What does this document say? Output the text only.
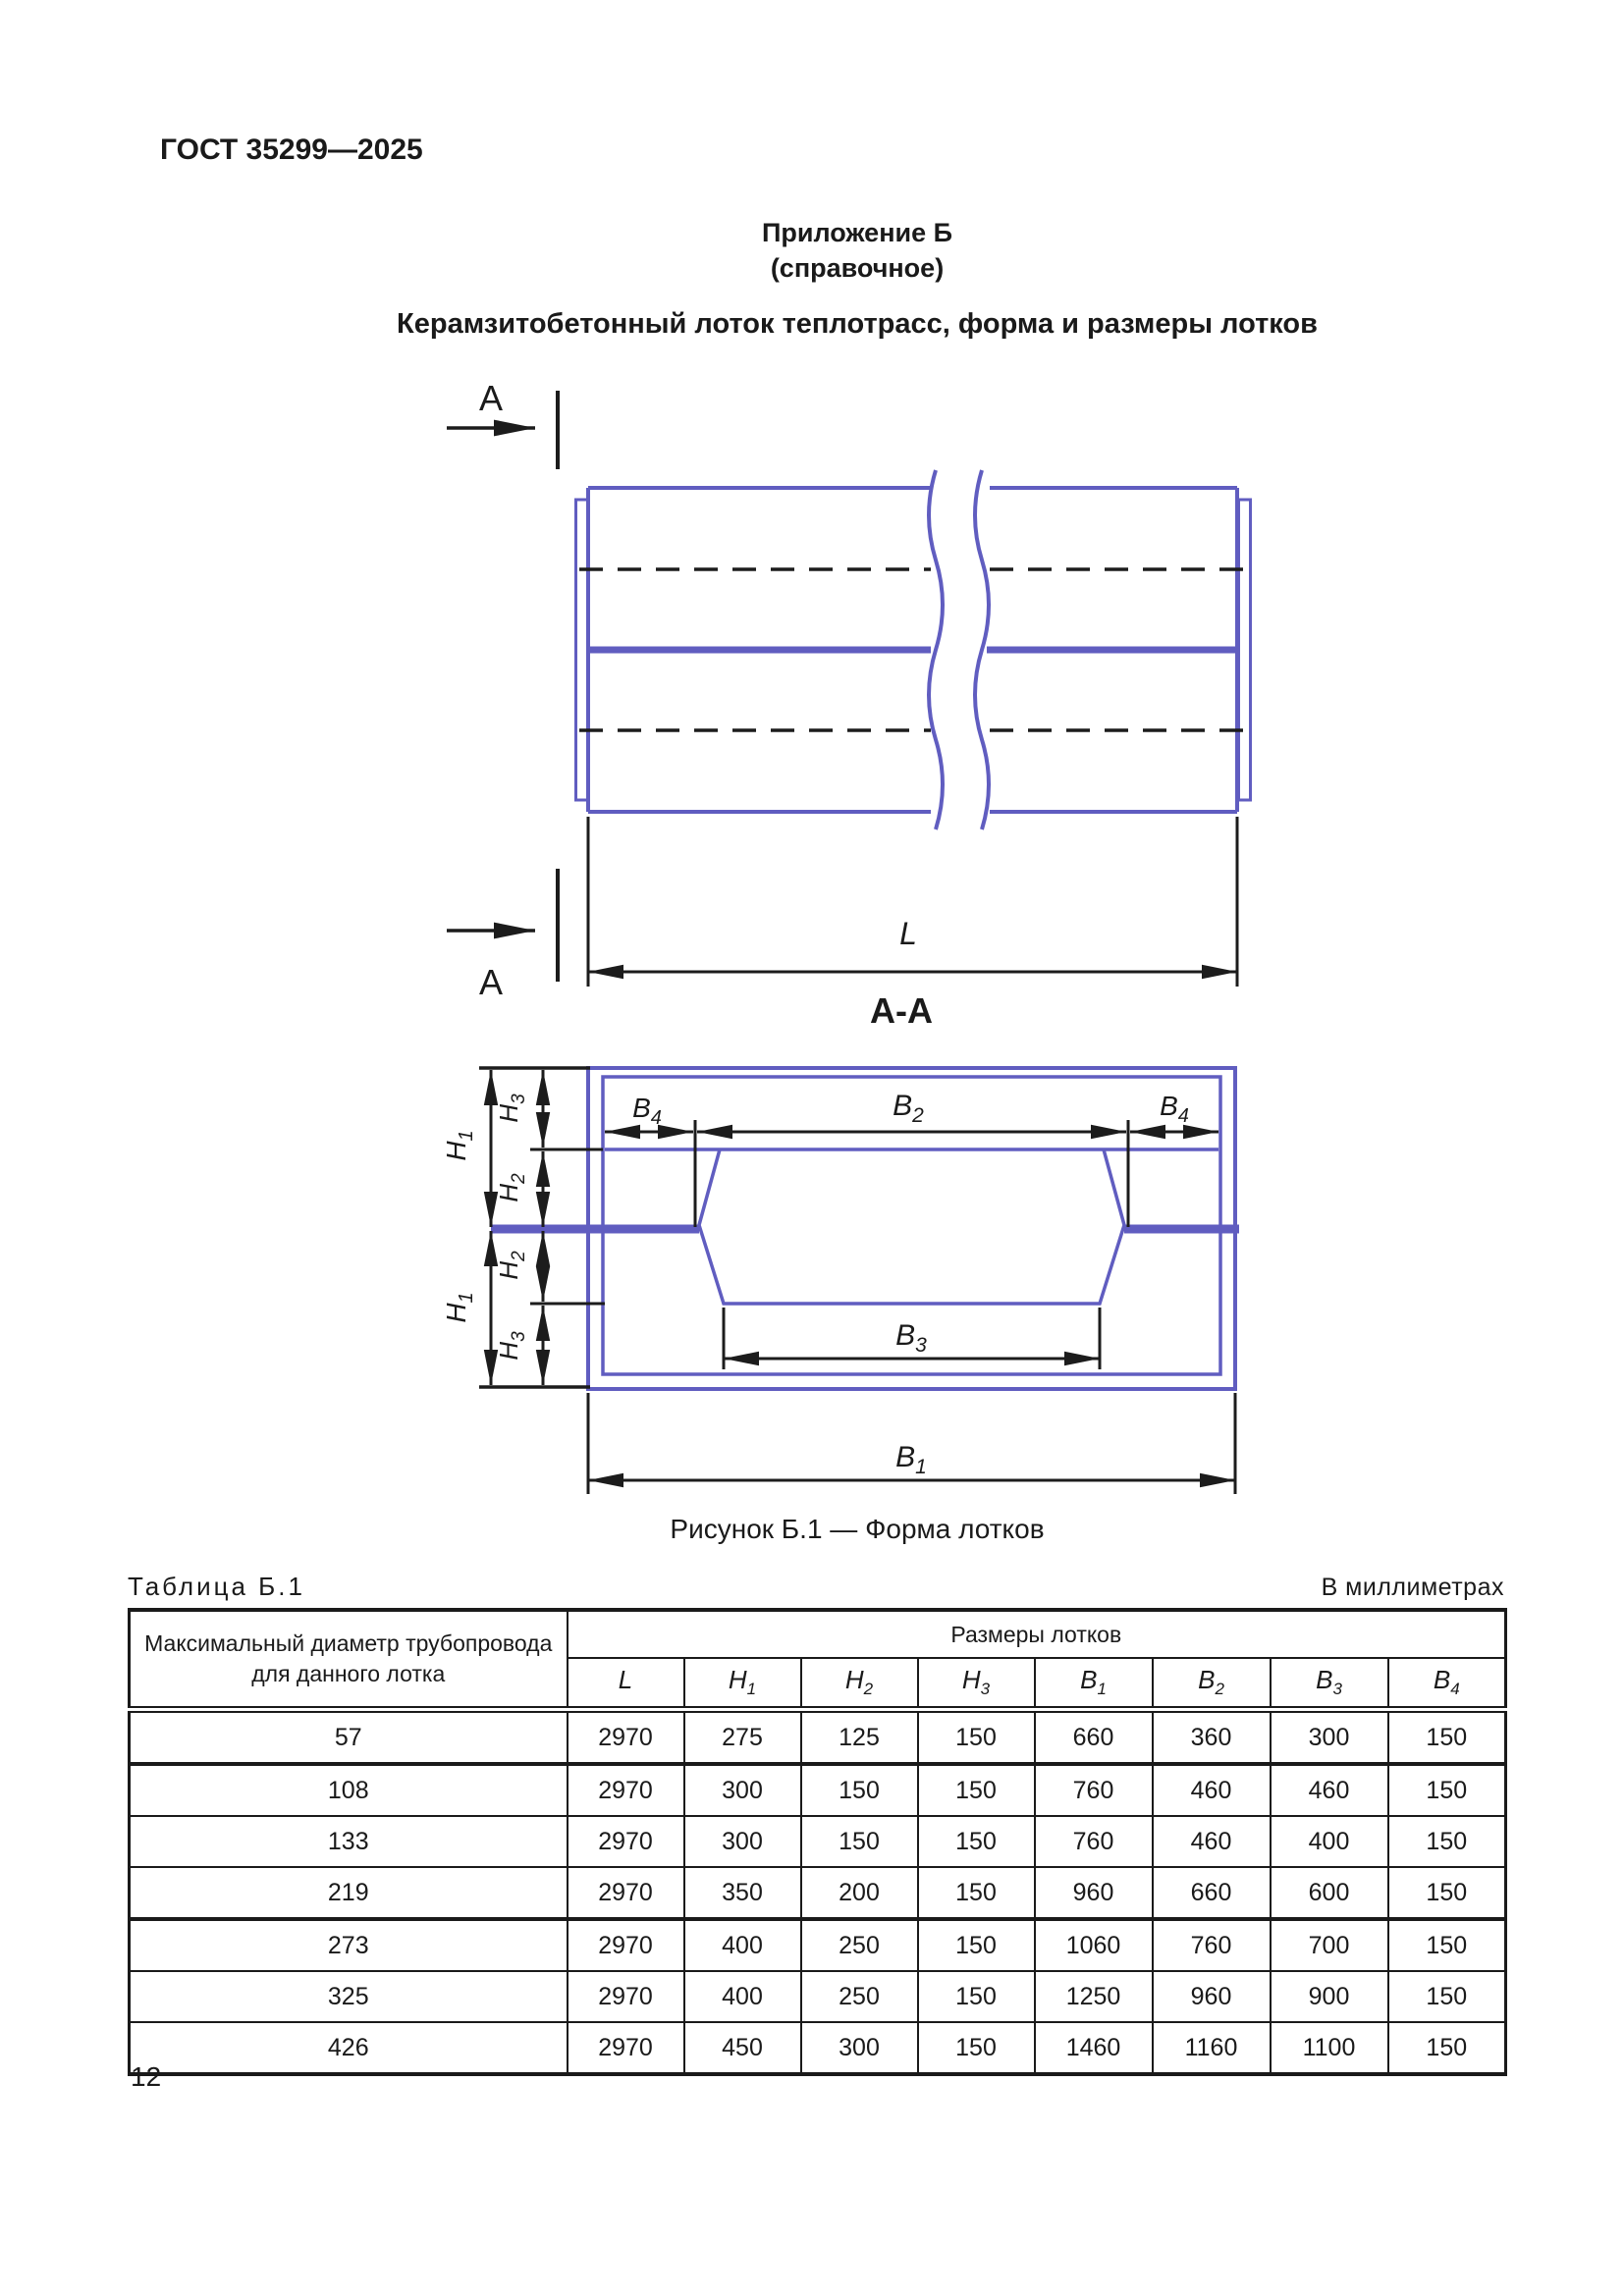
ГОСТ 35299—2025
Приложение Б
(справочное)
Керамзитобетонный лоток теплотрасс, форма и размеры лотков
Рисунок Б.1 — Форма лотков
12
А
А
L
А-А
$B_4$	$B_2$	$B_4$
$B_3$
$B_1$
$H_1$
$H_3$
$H_2$
$H_2$
$H_1$
$H_3$
Таблица Б.1	В миллиметрах
Максимальный диаметр трубопровода для данного лотка	Размеры лотков							
	L	$H_1$	$H_2$	$H_3$	$B_1$	$B_2$	$B_3$	$B_4$
57	2970	275	125	150	660	360	300	150
108	2970	300	150	150	760	460	460	150
133	2970	300	150	150	760	460	400	150
219	2970	350	200	150	960	660	600	150
273	2970	400	250	150	1060	760	700	150
325	2970	400	250	150	1250	960	900	150
426	2970	450	300	150	1460	1160	1100	150
